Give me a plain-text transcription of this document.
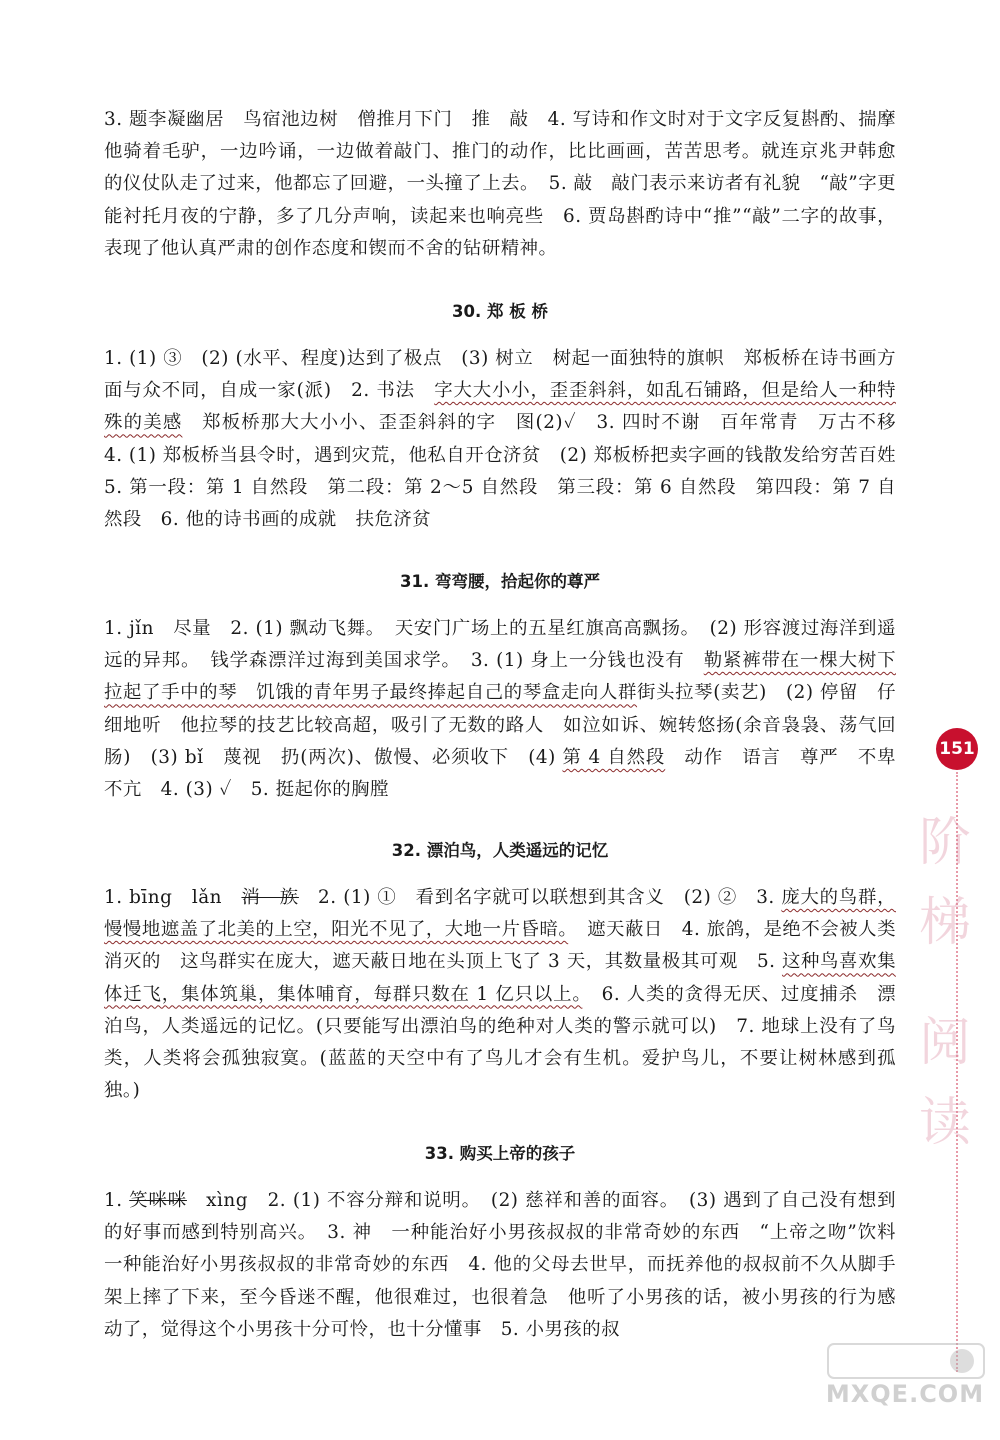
3. 题李凝幽居　鸟宿池边树　僧推月下门　推　敲　4. 写诗和作文时对于文字反复斟酌、揣摩　他骑着毛驴，一边吟诵，一边做着敲门、推门的动作，比比画画，苦苦思考。就连京兆尹韩愈的仪仗队走了过来，他都忘了回避，一头撞了上去。　5. 敲　敲门表示来访者有礼貌　“敲”字更能衬托月夜的宁静，多了几分声响，读起来也响亮些　6. 贾岛斟酌诗中“推”“敲”二字的故事，表现了他认真严肃的创作态度和锲而不舍的钻研精神。

30. 郑 板 桥

1. (1) ③　(2) (水平、程度)达到了极点　(3) 树立　树起一面独特的旗帜　郑板桥在诗书画方面与众不同，自成一家(派)　2. 书法　字大大小小，歪歪斜斜，如乱石铺路，但是给人一种特殊的美感　郑板桥那大大小小、歪歪斜斜的字　图(2)✓　3. 四时不谢　百年常青　万古不移　4. (1) 郑板桥当县令时，遇到灾荒，他私自开仓济贫　(2) 郑板桥把卖字画的钱散发给穷苦百姓　5. 第一段：第 1 自然段　第二段：第 2～5 自然段　第三段：第 6 自然段　第四段：第 7 自然段　6. 他的诗书画的成就　扶危济贫

31. 弯弯腰，拾起你的尊严

1. jǐn　尽量　2. (1) 飘动飞舞。　天安门广场上的五星红旗高高飘扬。　(2) 形容渡过海洋到遥远的异邦。　钱学森漂洋过海到美国求学。　3. (1) 身上一分钱也没有　勒紧裤带在一棵大树下拉起了手中的琴　饥饿的青年男子最终捧起自己的琴盒走向人群街头拉琴(卖艺)　(2) 停留　仔细地听　他拉琴的技艺比较高超，吸引了无数的路人　如泣如诉、婉转悠扬(余音袅袅、荡气回肠)　(3) bǐ　蔑视　扔(两次)、傲慢、必须收下　(4) 第 4 自然段　动作　语言　尊严　不卑不亢　4. (3) ✓　5. 挺起你的胸膛

32. 漂泊鸟，人类遥远的记忆

1. bīng　lǎn　消　族　2. (1) ①　看到名字就可以联想到其含义　(2) ②　3. 庞大的鸟群，慢慢地遮盖了北美的上空，阳光不见了，大地一片昏暗。　遮天蔽日　4. 旅鸽，是绝不会被人类消灭的　这鸟群实在庞大，遮天蔽日地在头顶上飞了 3 天，其数量极其可观　5. 这种鸟喜欢集体迁飞，集体筑巢，集体哺育，每群只数在 1 亿只以上。　6. 人类的贪得无厌、过度捕杀　漂泊鸟，人类遥远的记忆。(只要能写出漂泊鸟的绝种对人类的警示就可以)　7. 地球上没有了鸟类，人类将会孤独寂寞。(蓝蓝的天空中有了鸟儿才会有生机。爱护鸟儿，不要让树林感到孤独。)

33. 购买上帝的孩子

1. 笑咪咪　xìng　2. (1) 不容分辩和说明。　(2) 慈祥和善的面容。　(3) 遇到了自己没有想到的好事而感到特别高兴。　3. 神　一种能治好小男孩叔叔的非常奇妙的东西　“上帝之吻”饮料　一种能治好小男孩叔叔的非常奇妙的东西　4. 他的父母去世早，而抚养他的叔叔前不久从脚手架上摔了下来，至今昏迷不醒，他很难过，也很着急　他听了小男孩的话，被小男孩的行为感动了，觉得这个小男孩十分可怜，也十分懂事　5. 小男孩的叔

151
阶
梯
阅
读
MXQE.COM
